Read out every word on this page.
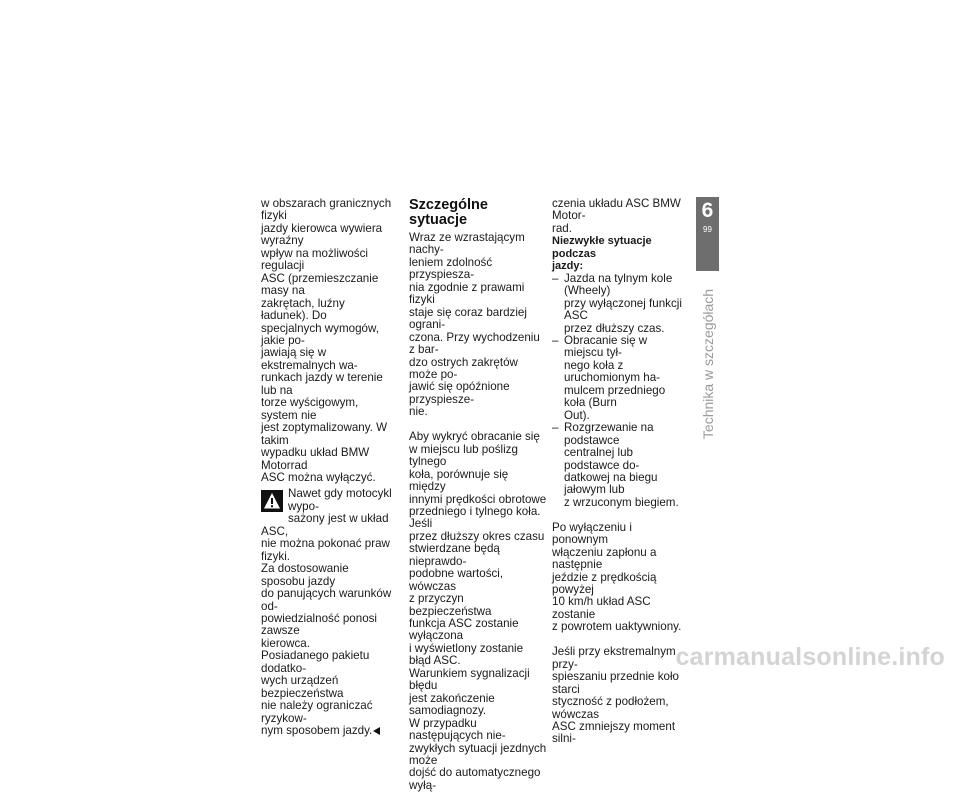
w obszarach granicznych fizyki

jazdy kierowca wywiera wyraźny

wpływ na możliwości regulacji

ASC (przemieszczanie masy na

zakrętach, luźny ładunek). Do

specjalnych wymogów, jakie po-

jawiają się w ekstremalnych wa-

runkach jazdy w terenie lub na

torze wyścigowym, system nie

jest zoptymalizowany. W takim

wypadku układ BMW Motorrad

ASC można wyłączyć.

Nawet gdy motocykl wypo-

sażony jest w układ ASC,

nie można pokonać praw fizyki.

Za dostosowanie sposobu jazdy

do panujących warunków od-

powiedzialność ponosi zawsze

kierowca.

Posiadanego pakietu dodatko-

wych urządzeń bezpieczeństwa

nie należy ograniczać ryzykow-

nym sposobem jazdy.

Szczególne sytuacje

Wraz ze wzrastającym nachy-

leniem zdolność przyspiesza-

nia zgodnie z prawami fizyki

staje się coraz bardziej ograni-

czona. Przy wychodzeniu z bar-

dzo ostrych zakrętów może po-

jawić się opóźnione przyspiesze-

nie.

Aby wykryć obracanie się

w miejscu lub poślizg tylnego

koła, porównuje się między

innymi prędkości obrotowe

przedniego i tylnego koła. Jeśli

przez dłuższy okres czasu

stwierdzane będą nieprawdo-

podobne wartości, wówczas

z przyczyn bezpieczeństwa

funkcja ASC zostanie wyłączona

i wyświetlony zostanie błąd ASC.

Warunkiem sygnalizacji błędu

jest zakończenie samodiagnozy.

W przypadku następujących nie-

zwykłych sytuacji jezdnych może

dojść do automatycznego wyłą-

czenia układu ASC BMW Motor-

rad.

Niezwykłe sytuacje podczas

jazdy:

– Jazda na tylnym kole (Wheely)

przy wyłączonej funkcji ASC

przez dłuższy czas.

– Obracanie się w miejscu tył-

nego koła z uruchomionym ha-

mulcem przedniego koła (Burn

Out).

– Rozgrzewanie na podstawce

centralnej lub podstawce do-

datkowej na biegu jałowym lub

z wrzuconym biegiem.

Po wyłączeniu i ponownym

włączeniu zapłonu a następnie

jeździe z prędkością powyżej

10 km/h układ ASC zostanie

z powrotem uaktywniony.

Jeśli przy ekstremalnym przy-

spieszaniu przednie koło starci

styczność z podłożem, wówczas

ASC zmniejszy moment silni-

6
99
Technika w szczegółach
carmanualsonline.info
